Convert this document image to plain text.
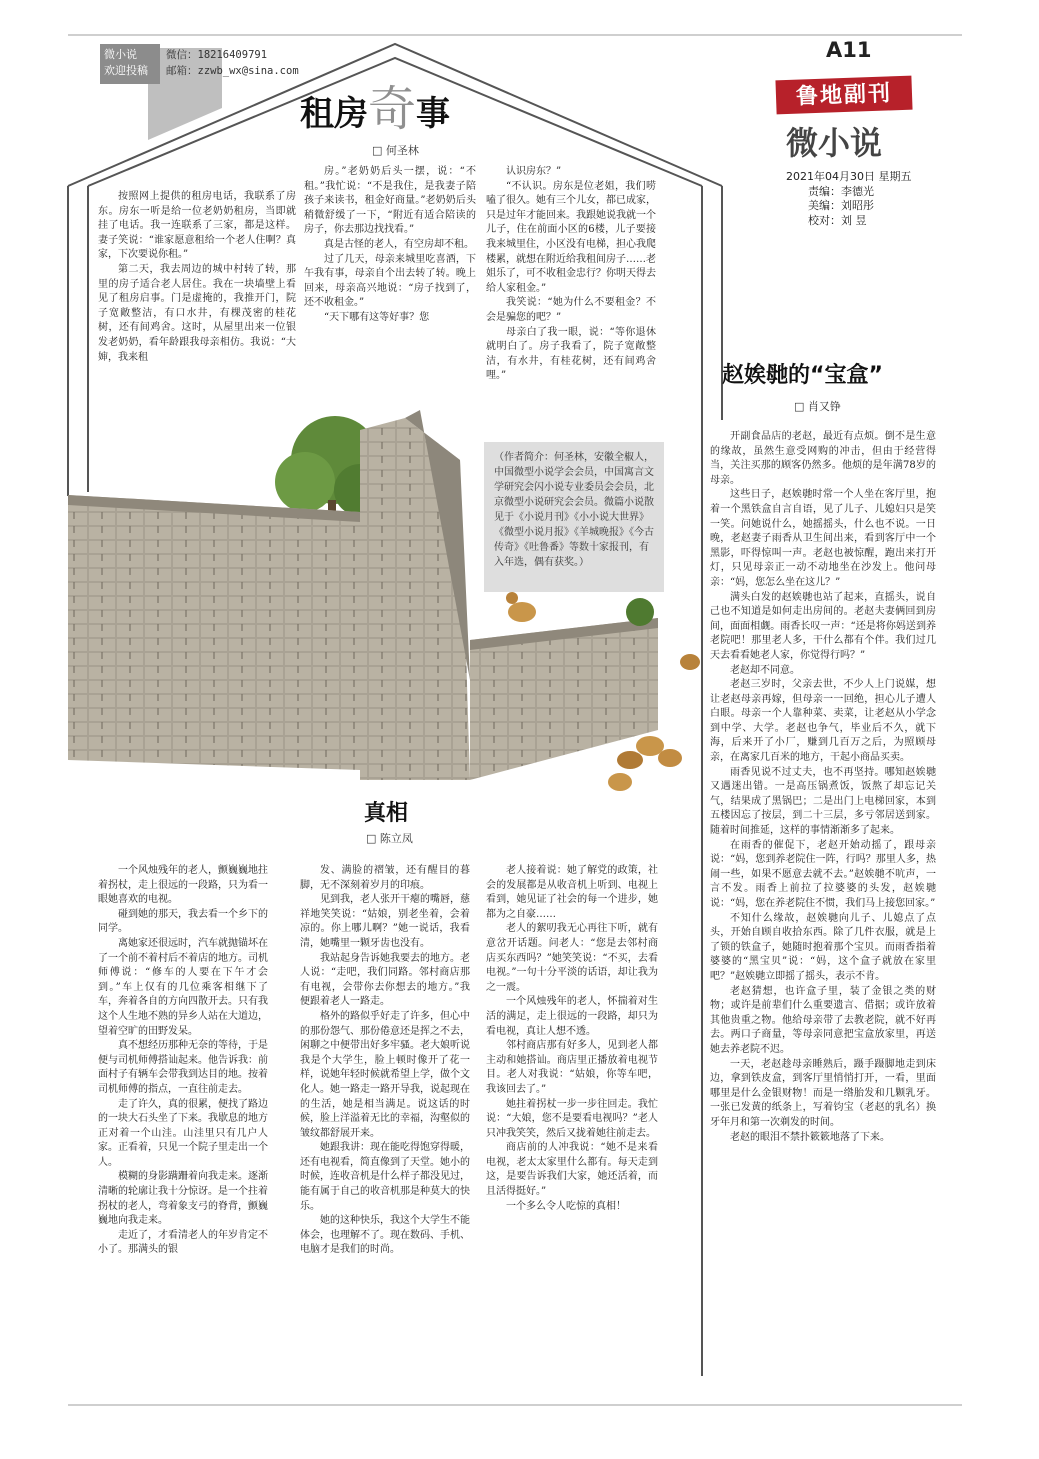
微小说
欢迎投稿
微信：18216409791
邮箱：zzwb_wx@sina.com
A11
鲁地副刊
微小说
2021年04月30日 星期五
责编：李德光
美编：刘昭彤
校对：刘 昱
租房奇事
□ 何圣林

按照网上提供的租房电话，我联系了房东。房东一听是给一位老奶奶租房，当即就挂了电话。我一连联系了三家，都是这样。妻子笑说：“谁家愿意租给一个老人住啊？真家，下次要说你租。”

第二天，我去周边的城中村转了转，那里的房子适合老人居住。我在一块墙壁上看见了租房启事。门是虚掩的，我推开门，院子宽敞整洁，有口水井，有棵茂密的桂花树，还有间鸡舍。这时，从屋里出来一位银发老奶奶，看年龄跟我母亲相仿。我说：“大婶，我来租

房。”老奶奶后头一摆，说：“不租。”我忙说：“不是我住，是我妻子陪孩子来读书，租金好商量。”老奶奶后头稍微舒缓了一下，“附近有适合陪读的房子，你去那边找找看。”

真是古怪的老人，有空房却不租。

过了几天，母亲来城里吃喜酒，下午我有事，母亲自个出去转了转。晚上回来，母亲高兴地说：“房子找到了，还不收租金。”

“天下哪有这等好事？您

认识房东？”

“不认识。房东是位老姐，我们唠嗑了很久。她有三个儿女，都已成家，只是过年才能回来。我跟她说我就一个儿子，住在前面小区的6楼，儿子要接我来城里住，小区没有电梯，担心我爬楼累，就想在附近给我租间房子……老姐乐了，可不收租金忠行？你明天得去给人家租金。”

我笑说：“她为什么不要租金？不会是骗您的吧？”

母亲白了我一眼，说：“等你退休就明白了。房子我看了，院子宽敞整洁，有水井，有桂花树，还有间鸡舍哩。”

（作者简介：何圣林，安徽全椒人，中国微型小说学会会员，中国寓言文学研究会闪小说专业委员会会员，北京微型小说研究会会员。微篇小说散见于《小说月刊》《小小说大世界》《微型小说月报》《羊城晚报》《今古传奇》《吐鲁番》等数十家报刊，有入年选，偶有获奖。）
真相
□ 陈立凤

一个风烛残年的老人，颤巍巍地拄着拐杖，走上很远的一段路，只为看一眼她喜欢的电视。

碰到她的那天，我去看一个乡下的同学。

离她家还很远时，汽车就抛锚坏在了一个前不着村后不着店的地方。司机师傅说：“修车的人要在下午才会到。”车上仅有的几位乘客相继下了车，奔着各自的方向四散开去。只有我这个人生地不熟的异乡人站在大道边，望着空旷的田野发呆。

真不想经历那种无奈的等待，于是便与司机师傅搭讪起来。他告诉我：前面村子有辆车会带我到达目的地。按着司机师傅的指点，一直往前走去。

走了许久，真的很累，便找了路边的一块大石头坐了下来。我歇息的地方正对着一个山洼。山洼里只有几户人家。正看着，只见一个院子里走出一个人。

模糊的身影蹒跚着向我走来。逐渐清晰的轮廓让我十分惊讶。是一个拄着拐杖的老人，弯着象支弓的脊背，颤巍巍地向我走来。

走近了，才看清老人的年岁肯定不小了。那满头的银

发、满脸的褶皱，还有醒目的暮脚，无不深刻着岁月的印痕。

见到我，老人张开干瘪的嘴唇，慈祥地笑笑说：“姑娘，别老坐着，会着凉的。你上哪儿啊？”她一说话，我看清，她嘴里一颗牙齿也没有。

我站起身告诉她我要去的地方。老人说：“走吧，我们同路。邻村商店那有电视，会带你去你想去的地方。”我便跟着老人一路走。

格外的路似乎好走了许多，但心中的那份怨气、那份倦意还是挥之不去，闲聊之中便带出好多牢骚。老大娘听说我是个大学生，脸上顿时像开了花一样，说她年轻时候就希望上学，做个文化人。她一路走一路开导我，说起现在的生活，她是相当满足。说这话的时候，脸上洋溢着无比的幸福，沟壑似的皱纹都舒展开来。

她跟我讲：现在能吃得饱穿得暖，还有电视看，简直像到了天堂。她小的时候，连收音机是什么样子都没见过，能有属于自己的收音机那是种莫大的快乐。

她的这种快乐，我这个大学生不能体会，也理解不了。现在数码、手机、电脑才是我们的时尚。

老人接着说：她了解党的政策，社会的发展都是从收音机上听到、电视上看到，她见证了社会的每一个进步，她都为之自豪……

老人的絮叨我无心再往下听，就有意岔开话题。问老人：“您是去邻村商店买东西吗？”她笑笑说：“不买，去看电视。”一句十分平淡的话语，却让我为之一震。

一个风烛残年的老人，怀揣着对生活的满足，走上很远的一段路，却只为看电视，真让人想不透。

邻村商店那有好多人，见到老人都主动和她搭讪。商店里正播放着电视节目。老人对我说：“姑娘，你等车吧，我该回去了。”

她拄着拐杖一步一步往回走。我忙说：“大娘，您不是要看电视吗？”老人只冲我笑笑，然后又拢着她往前走去。

商店前的人冲我说：“她不是来看电视，老太太家里什么都有。每天走到这，是要告诉我们大家，她还活着，而且活得挺好。”

一个多么令人吃惊的真相！

赵娭毑的“宝盒”
□ 肖又铮

开副食品店的老赵，最近有点烦。倒不是生意的缘故，虽然生意受网购的冲击，但由于经营得当，关注买那的顾客仍然多。他烦的是年满78岁的母亲。

这些日子，赵娭毑时常一个人坐在客厅里，抱着一个黑铁盒自言自语，见了儿子、儿媳妇只是笑一笑。问她说什么，她摇摇头，什么也不说。一日晚，老赵妻子雨香从卫生间出来，看到客厅中一个黑影，吓得惊叫一声。老赵也被惊醒，跑出来打开灯，只见母亲正一动不动地坐在沙发上。他问母亲：“妈，您怎么坐在这儿？”

满头白发的赵娭毑也站了起来，直摇头，说自己也不知道是如何走出房间的。老赵夫妻俩回到房间，面面相觑。雨香长叹一声：“还是将你妈送到养老院吧！那里老人多，干什么都有个伴。我们过几天去看看她老人家，你觉得行吗？”

老赵却不同意。

老赵三岁时，父亲去世，不少人上门说媒，想让老赵母亲再嫁，但母亲一一回绝，担心儿子遭人白眼。母亲一个人靠种菜、卖菜，让老赵从小学念到中学、大学。老赵也争气，毕业后不久，就下海，后来开了小厂，赚到几百万之后，为照顾母亲，在离家几百米的地方，干起小商品买卖。

雨香见说不过丈夫，也不再坚持。哪知赵娭毑又遇迷出错。一是高压锅煮饭，饭熬了却忘记关气，结果成了黑锅巴；二是出门上电梯回家，本到五楼因忘了按层，到二十三层，多亏邻居送到家。随着时间推延，这样的事情渐渐多了起来。

在雨香的催促下，老赵开始动摇了，跟母亲说：“妈，您到养老院住一阵，行吗？那里人多，热闹一些，如果不愿意去就不去。”赵娭毑不吭声，一言不发。雨香上前拉了拉婆婆的头发，赵娭毑说：“妈，您在养老院住不惯，我们马上接您回家。”

不知什么缘故，赵娭毑向儿子、儿媳点了点头，开始自顾自收拾东西。除了几件衣服，就是上了锁的铁盒子，她随时抱着那个宝贝。而雨香指着婆婆的“黑宝贝”说：“妈，这个盒子就放在家里吧？”赵娭毑立即摇了摇头，表示不肯。

老赵猜想，也许盒子里，装了金银之类的财物；或许是前辈们什么重要遗言、借据；或许放着其他贵重之物。他给母亲带了去教老院，就不好再去。两口子商量，等母亲同意把宝盒放家里，再送她去养老院不迟。

一天，老赵趁母亲睡熟后，蹑手蹑脚地走到床边，拿到铁皮盒，到客厅里悄悄打开，一看，里面哪里是什么金银财物！而是一绺胎发和几颗乳牙。一张已发黄的纸条上，写着钧宝（老赵的乳名）换牙年月和第一次剃发的时间。

老赵的眼泪不禁扑簌簌地落了下来。
